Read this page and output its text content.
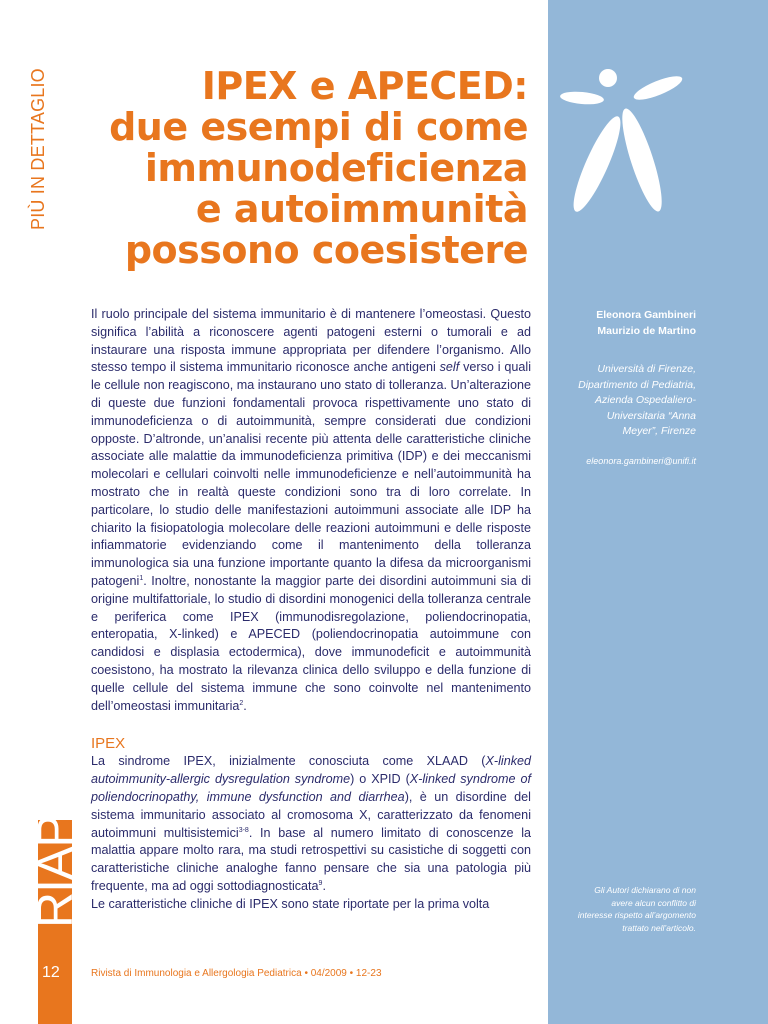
PIÙ IN DETTAGLIO	IPEX e APECED:
due esempi di come
immunodeficienza
e autoimmunità
possono coesistere
Eleonora Gambineri
Maurizio de Martino
Università di Firenze,
Dipartimento di Pediatria,
Azienda Ospedaliero-
Universitaria “Anna
Meyer”, Firenze
eleonora.gambineri@unifi.it
Gli Autori dichiarano di non
avere alcun conflitto di
interesse rispetto all’argomento
trattato nell’articolo.

Il ruolo principale del sistema immunitario è di mantenere l’omeostasi. Questo significa l’abilità a riconoscere agenti patogeni esterni o tumorali e ad instaurare una risposta immune appropriata per difendere l’organismo. Allo stesso tempo il sistema immunitario riconosce anche antigeni self verso i quali le cellule non reagiscono, ma instaurano uno stato di tolleranza. Un’alterazione di queste due funzioni fondamentali provoca rispettivamente uno stato di immunodeficienza o di autoimmunità, sempre considerati due condizioni opposte. D’altronde, un’analisi recente più attenta delle caratteristiche cliniche associate alle malattie da immunodeficienza primitiva (IDP) e dei meccanismi molecolari e cellulari coinvolti nelle immunodeficienze e nell’autoimmunità ha mostrato che in realtà queste condizioni sono tra di loro correlate. In particolare, lo studio delle manifestazioni autoimmuni associate alle IDP ha chiarito la fisiopatologia molecolare delle reazioni autoimmuni e delle risposte infiammatorie evidenziando come il mantenimento della tolleranza immunologica sia una funzione importante quanto la difesa da microorganismi patogeni$^1$. Inoltre, nonostante la maggior parte dei disordini autoimmuni sia di origine multifattoriale, lo studio di disordini monogenici della tolleranza centrale e periferica come IPEX (immunodisregolazione, poliendocrinopatia, enteropatia, X-linked) e APECED (poliendocrinopatia autoimmune con candidosi e displasia ectodermica), dove immunodeficit e autoimmunità coesistono, ha mostrato la rilevanza clinica dello sviluppo e della funzione di quelle cellule del sistema immune che sono coinvolte nel mantenimento dell’omeostasi immunitaria$^2$.

IPEX

La sindrome IPEX, inizialmente conosciuta come XLAAD (X-linked autoimmunity-allergic dysregulation syndrome) o XPID (X-linked syndrome of poliendocrinopathy, immune dysfunction and diarrhea), è un disordine del sistema immunitario associato al cromosoma X, caratterizzato da fenomeni autoimmuni multisistemici$^{3-8}$. In base al numero limitato di conoscenze la malattia appare molto rara, ma studi retrospettivi su casistiche di soggetti con caratteristiche cliniche analoghe fanno pensare che sia una patologia più frequente, ma ad oggi sottodiagnosticata$^9$.

Le caratteristiche cliniche di IPEX sono state riportate per la prima volta

RIAP
12	Rivista di Immunologia e Allergologia Pediatrica • 04/2009 • 12-23
